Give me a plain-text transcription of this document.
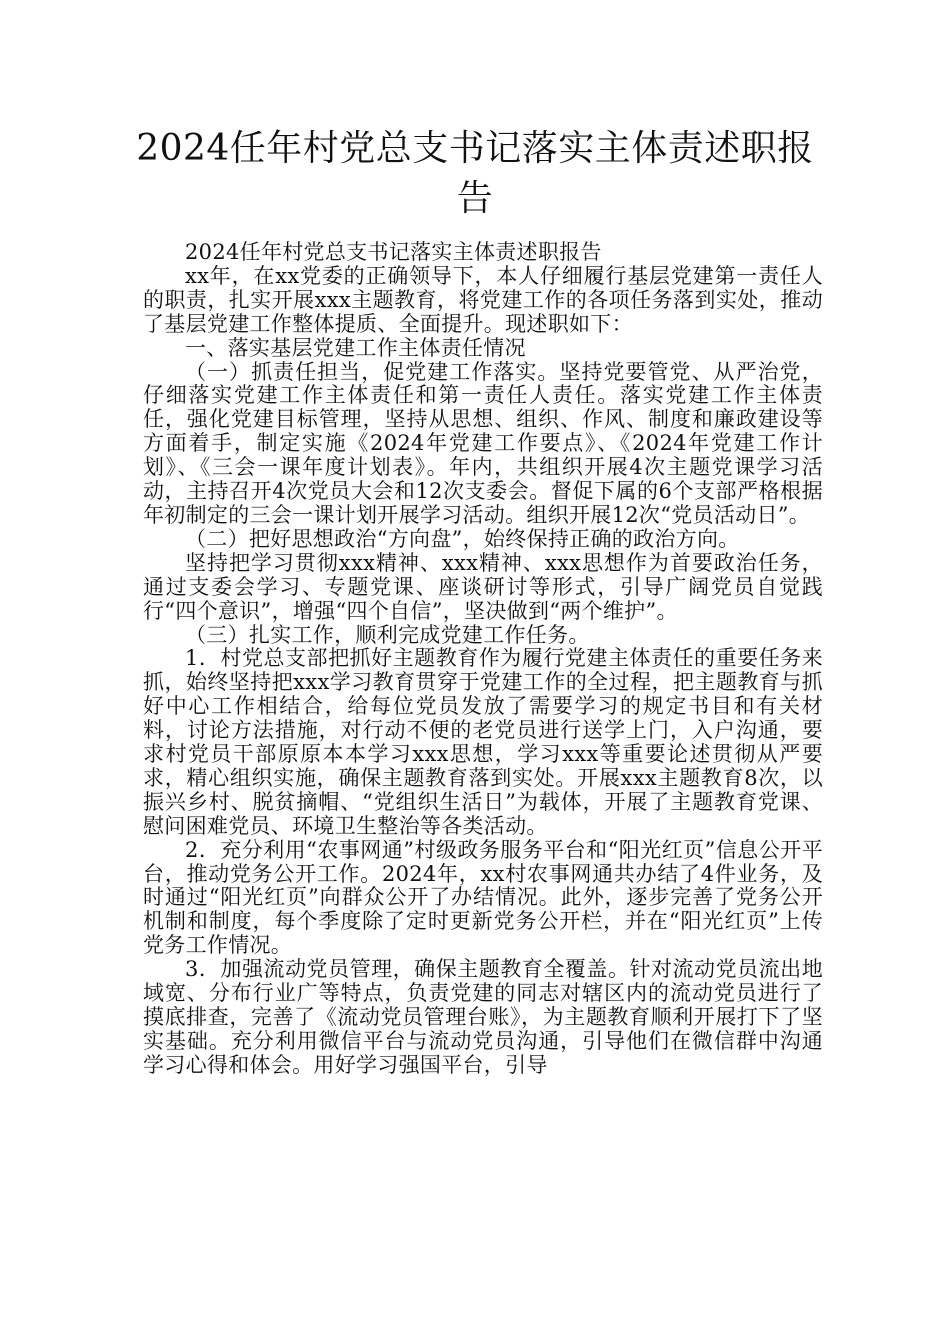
2024任年村党总支书记落实主体责述职报告

2024任年村党总支书记落实主体责述职报告

xx年，在xx党委的正确领导下，本人仔细履行基层党建第一责任人的职责，扎实开展xxx主题教育，将党建工作的各项任务落到实处，推动了基层党建工作整体提质、全面提升。现述职如下：

一、落实基层党建工作主体责任情况

（一）抓责任担当，促党建工作落实。坚持党要管党、从严治党，仔细落实党建工作主体责任和第一责任人责任。落实党建工作主体责任，强化党建目标管理，坚持从思想、组织、作风、制度和廉政建设等方面着手，制定实施《2024年党建工作要点》、《2024年党建工作计划》、《三会一课年度计划表》。年内，共组织开展4次主题党课学习活动，主持召开4次党员大会和12次支委会。督促下属的6个支部严格根据年初制定的三会一课计划开展学习活动。组织开展12次“党员活动日”。

（二）把好思想政治“方向盘”，始终保持正确的政治方向。

坚持把学习贯彻xxx精神、xxx精神、xxx思想作为首要政治任务，通过支委会学习、专题党课、座谈研讨等形式，引导广阔党员自觉践行“四个意识”，增强“四个自信”，坚决做到“两个维护”。

（三）扎实工作，顺利完成党建工作任务。

1．村党总支部把抓好主题教育作为履行党建主体责任的重要任务来抓，始终坚持把xxx学习教育贯穿于党建工作的全过程，把主题教育与抓好中心工作相结合，给每位党员发放了需要学习的规定书目和有关材料，讨论方法措施，对行动不便的老党员进行送学上门，入户沟通，要求村党员干部原原本本学习xxx思想，学习xxx等重要论述贯彻从严要求，精心组织实施，确保主题教育落到实处。开展xxx主题教育8次，以振兴乡村、脱贫摘帽、“党组织生活日”为载体，开展了主题教育党课、慰问困难党员、环境卫生整治等各类活动。

2．充分利用“农事网通”村级政务服务平台和“阳光红页”信息公开平台，推动党务公开工作。2024年，xx村农事网通共办结了4件业务，及时通过“阳光红页”向群众公开了办结情况。此外，逐步完善了党务公开机制和制度，每个季度除了定时更新党务公开栏，并在“阳光红页”上传党务工作情况。

3．加强流动党员管理，确保主题教育全覆盖。针对流动党员流出地域宽、分布行业广等特点，负责党建的同志对辖区内的流动党员进行了摸底排查，完善了《流动党员管理台账》，为主题教育顺利开展打下了坚实基础。充分利用微信平台与流动党员沟通，引导他们在微信群中沟通学习心得和体会。用好学习强国平台，引导
